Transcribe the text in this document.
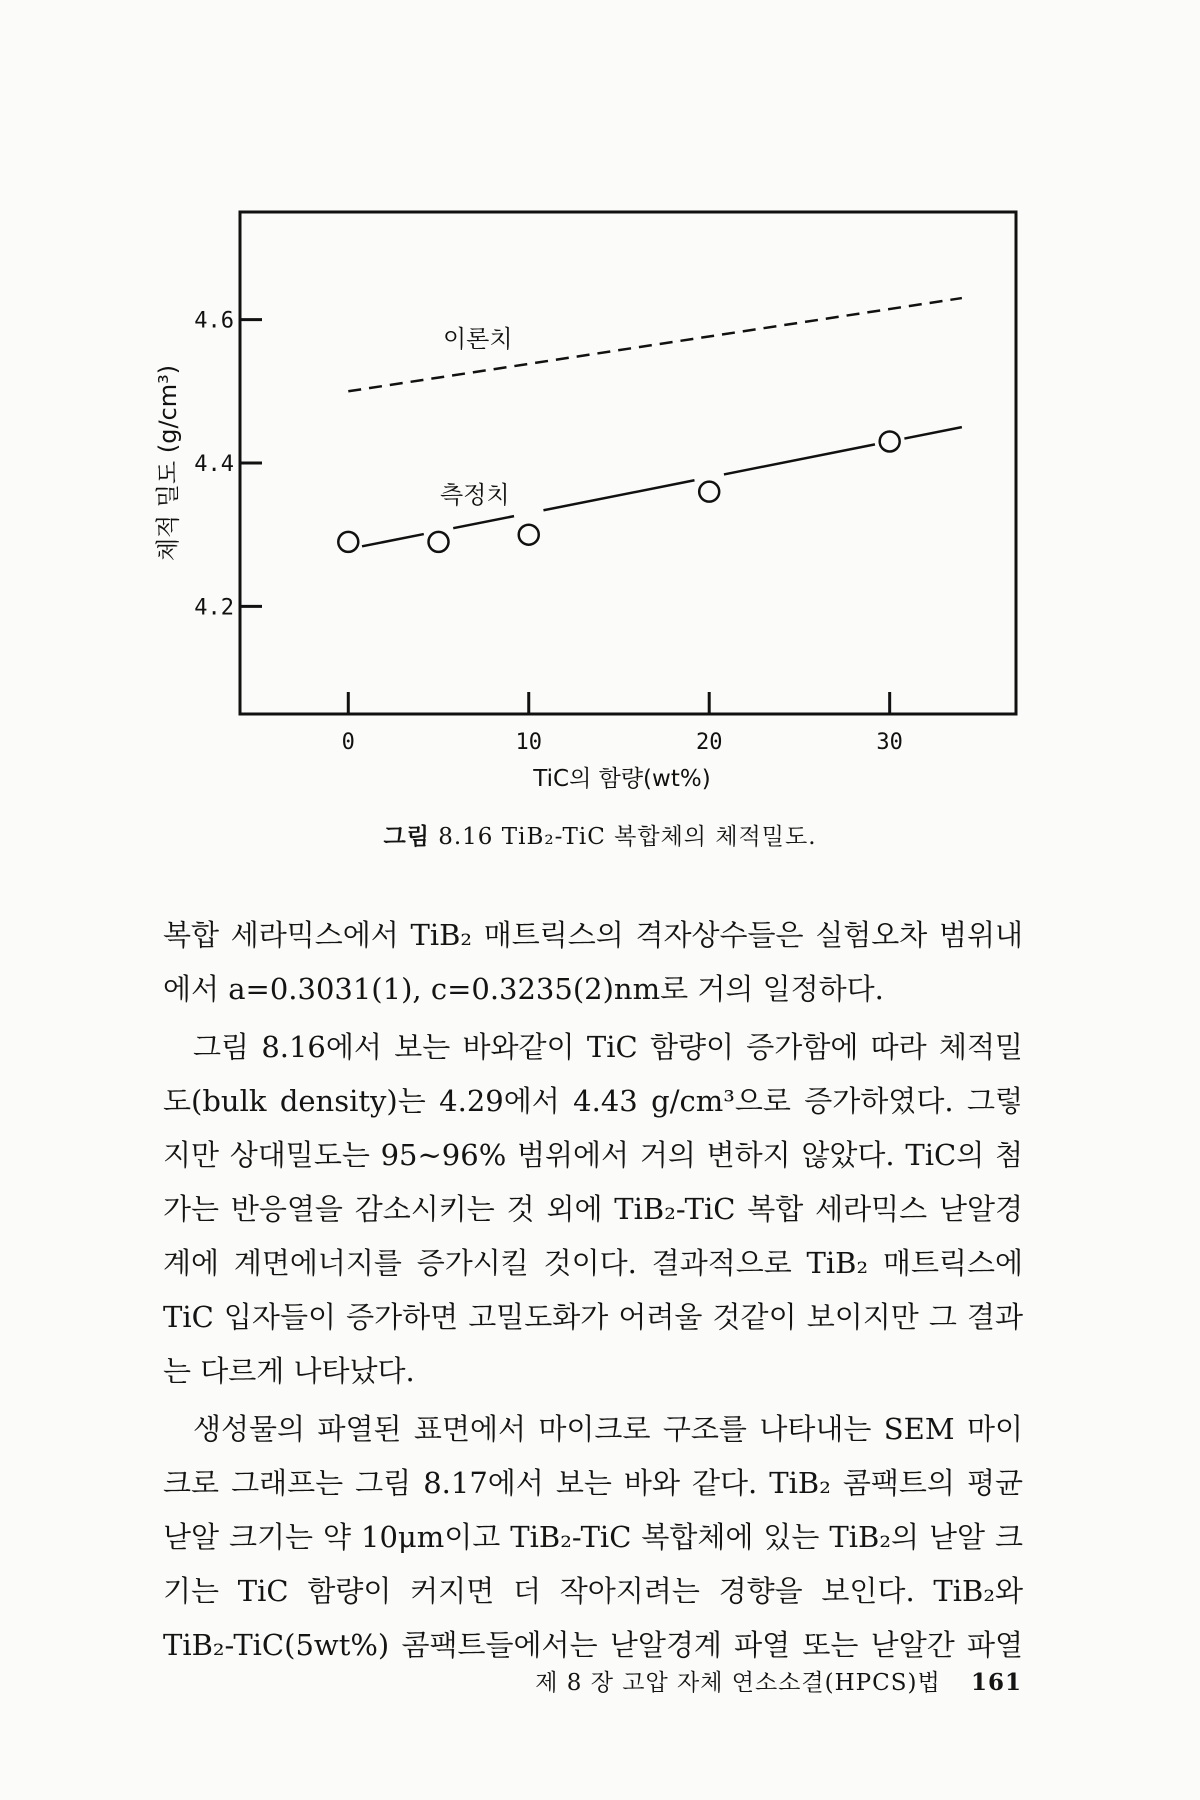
4.2
4.4
4.6
0	10	20	30
이론치
측정치
TiC의 함량(wt%)
체적 밀도 (g/cm³)
그림 8.16 TiB₂-TiC 복합체의 체적밀도.

복합 세라믹스에서 TiB₂ 매트릭스의 격자상수들은 실험오차 범위내에서 a=0.3031(1), c=0.3235(2)nm로 거의 일정하다.

그림 8.16에서 보는 바와같이 TiC 함량이 증가함에 따라 체적밀도(bulk density)는 4.29에서 4.43 g/cm³으로 증가하였다. 그렇지만 상대밀도는 95~96% 범위에서 거의 변하지 않았다. TiC의 첨가는 반응열을 감소시키는 것 외에 TiB₂-TiC 복합 세라믹스 낟알경계에 계면에너지를 증가시킬 것이다. 결과적으로 TiB₂ 매트릭스에 TiC 입자들이 증가하면 고밀도화가 어려울 것같이 보이지만 그 결과는 다르게 나타났다.

생성물의 파열된 표면에서 마이크로 구조를 나타내는 SEM 마이크로 그래프는 그림 8.17에서 보는 바와 같다. TiB₂ 콤팩트의 평균 낟알 크기는 약 10μm이고 TiB₂-TiC 복합체에 있는 TiB₂의 낟알 크기는 TiC 함량이 커지면 더 작아지려는 경향을 보인다. TiB₂와 TiB₂-TiC(5wt%) 콤팩트들에서는 낟알경계 파열 또는 낟알간 파열

제 8 장 고압 자체 연소소결(HPCS)법 161
